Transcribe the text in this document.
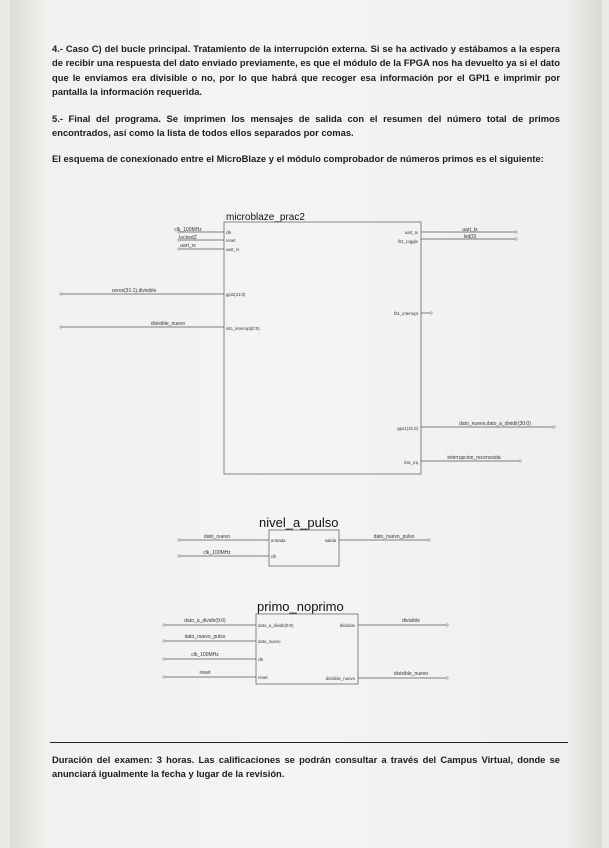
4.- Caso C) del bucle principal. Tratamiento de la interrupción externa. Si se ha activado y estábamos a la espera de recibir una respuesta del dato enviado previamente, es que el módulo de la FPGA nos ha devuelto ya si el dato que le enviamos era divisible o no, por lo que habrá que recoger esa información por el GPI1 e imprimir por pantalla la información requerida.

5.- Final del programa. Se imprimen los mensajes de salida con el resumen del número total de primos encontrados, así como la lista de todos ellos separados por comas.

El esquema de conexionado entre el MicroBlaze y el módulo comprobador de números primos es el siguiente:

microblaze_prac2
nivel_a_pulso
primo_noprimo
clk
reset
uart_rx
gpi1(31:0)
intc_interrupt(0:0)
uart_tx
fit1_toggle
fit1_interrupt
gpo1(31:0)
intc_irq
clk_100MHz
lockedZ
uart_rx
ceros(31:1),divisible
divisible_nuevo
uart_tx
led(0)
dato_nuevo,dato_a_dividir(30:0)
interrupcion_reconocida
entrada	salida
clk
dato_nuevo
clk_100MHz
dato_nuevo_pulso
dato_a_dividir(9:0)
dato_nuevo
clk
reset
divisible
divisible_nuevo
dato_a_dividir(9:0)
dato_nuevo_pulso
clk_100MHz
reset
divisible
divisible_nuevo

Duración del examen: 3 horas. Las calificaciones se podrán consultar a través del Campus Virtual, donde se anunciará igualmente la fecha y lugar de la revisión.
